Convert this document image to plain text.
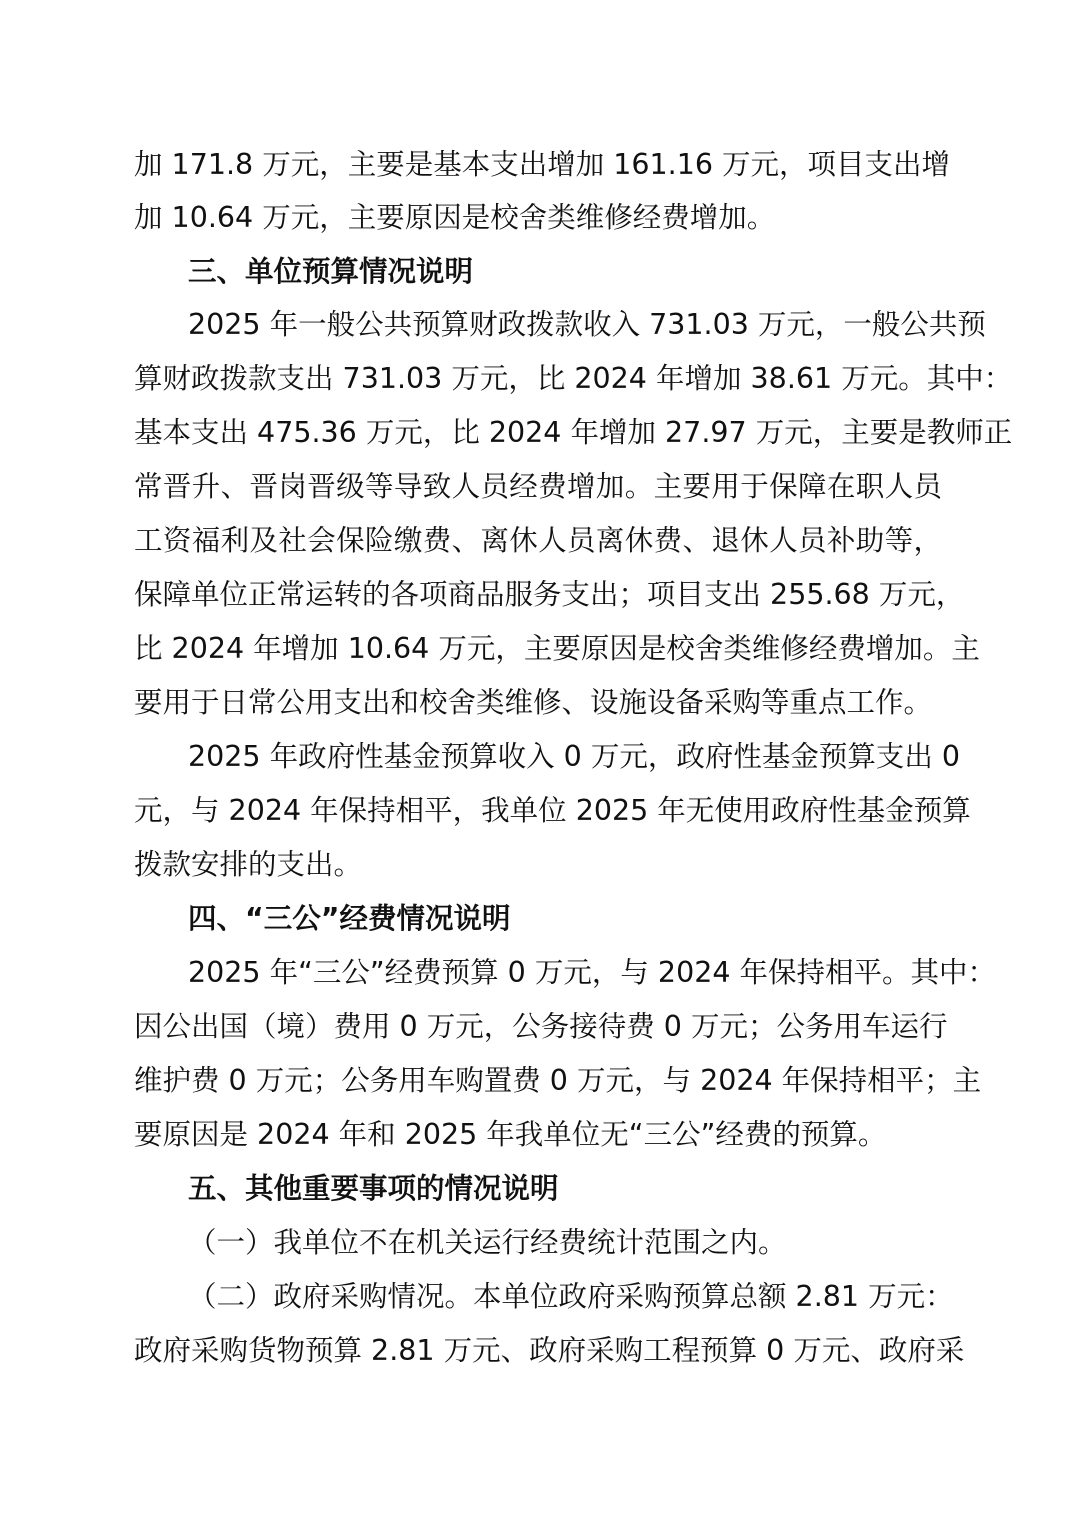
加 171.8 万元，主要是基本支出增加 161.16 万元，项目支出增
加 10.64 万元，主要原因是校舍类维修经费增加。
三、单位预算情况说明
2025 年一般公共预算财政拨款收入 731.03 万元，一般公共预
算财政拨款支出 731.03 万元，比 2024 年增加 38.61 万元。其中：
基本支出 475.36 万元，比 2024 年增加 27.97 万元，主要是教师正
常晋升、晋岗晋级等导致人员经费增加。主要用于保障在职人员
工资福利及社会保险缴费、离休人员离休费、退休人员补助等，
保障单位正常运转的各项商品服务支出；项目支出 255.68 万元，
比 2024 年增加 10.64 万元，主要原因是校舍类维修经费增加。主
要用于日常公用支出和校舍类维修、设施设备采购等重点工作。
2025 年政府性基金预算收入 0 万元，政府性基金预算支出 0
元，与 2024 年保持相平，我单位 2025 年无使用政府性基金预算
拨款安排的支出。
四、“三公”经费情况说明
2025 年“三公”经费预算 0 万元，与 2024 年保持相平。其中：
因公出国（境）费用 0 万元，公务接待费 0 万元；公务用车运行
维护费 0 万元；公务用车购置费 0 万元，与 2024 年保持相平；主
要原因是 2024 年和 2025 年我单位无“三公”经费的预算。
五、其他重要事项的情况说明
（一）我单位不在机关运行经费统计范围之内。
（二）政府采购情况。本单位政府采购预算总额 2.81 万元：
政府采购货物预算 2.81 万元、政府采购工程预算 0 万元、政府采
